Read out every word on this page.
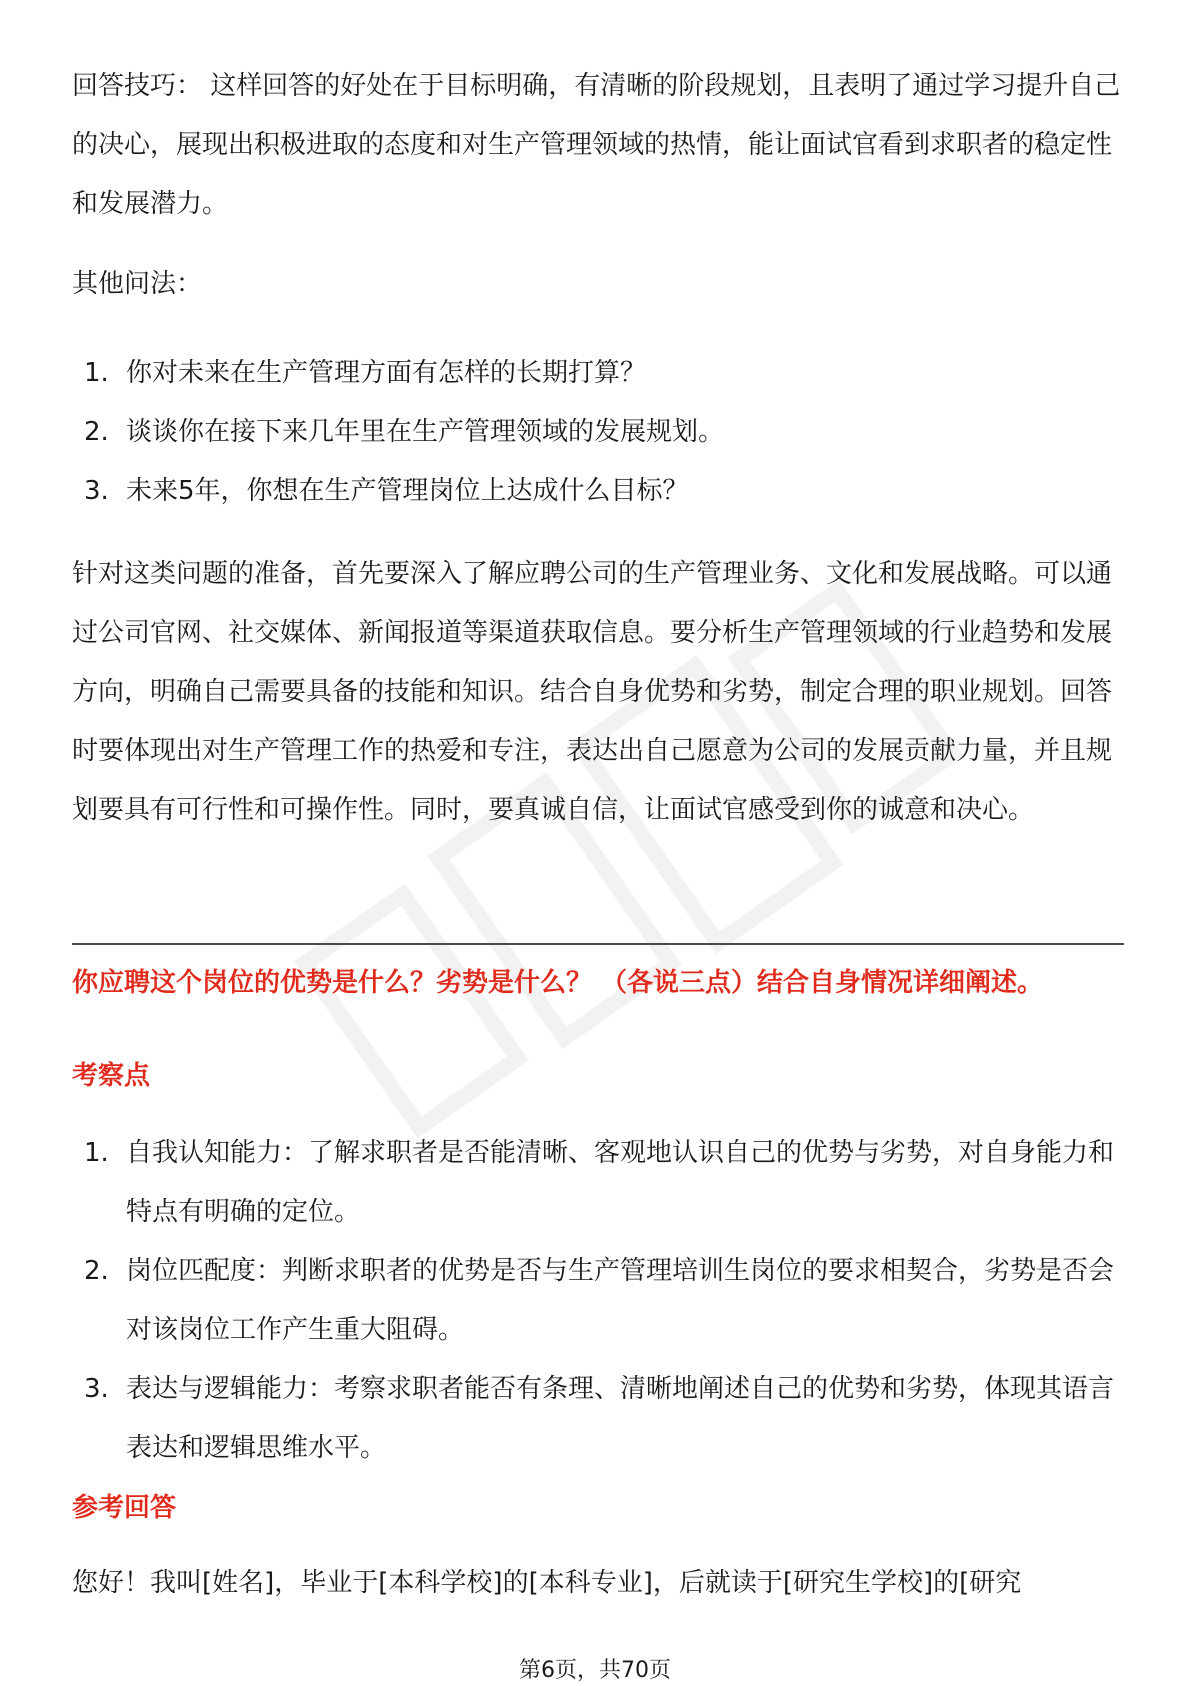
回答技巧： 这样回答的好处在于目标明确，有清晰的阶段规划，且表明了通过学习提升自己的决心，展现出积极进取的态度和对生产管理领域的热情，能让面试官看到求职者的稳定性和发展潜力。

其他问法：

1. 你对未来在生产管理方面有怎样的长期打算？
2. 谈谈你在接下来几年里在生产管理领域的发展规划。
3. 未来5年，你想在生产管理岗位上达成什么目标？

针对这类问题的准备，首先要深入了解应聘公司的生产管理业务、文化和发展战略。可以通过公司官网、社交媒体、新闻报道等渠道获取信息。要分析生产管理领域的行业趋势和发展方向，明确自己需要具备的技能和知识。结合自身优势和劣势，制定合理的职业规划。回答时要体现出对生产管理工作的热爱和专注，表达出自己愿意为公司的发展贡献力量，并且规划要具有可行性和可操作性。同时，要真诚自信，让面试官感受到你的诚意和决心。

你应聘这个岗位的优势是什么？劣势是什么？ （各说三点）结合自身情况详细阐述。

考察点

1. 自我认知能力：了解求职者是否能清晰、客观地认识自己的优势与劣势，对自身能力和特点有明确的定位。
2. 岗位匹配度：判断求职者的优势是否与生产管理培训生岗位的要求相契合，劣势是否会对该岗位工作产生重大阻碍。
3. 表达与逻辑能力：考察求职者能否有条理、清晰地阐述自己的优势和劣势，体现其语言表达和逻辑思维水平。

参考回答

您好！我叫[姓名]，毕业于[本科学校]的[本科专业]，后就读于[研究生学校]的[研究

第6页，共70页
